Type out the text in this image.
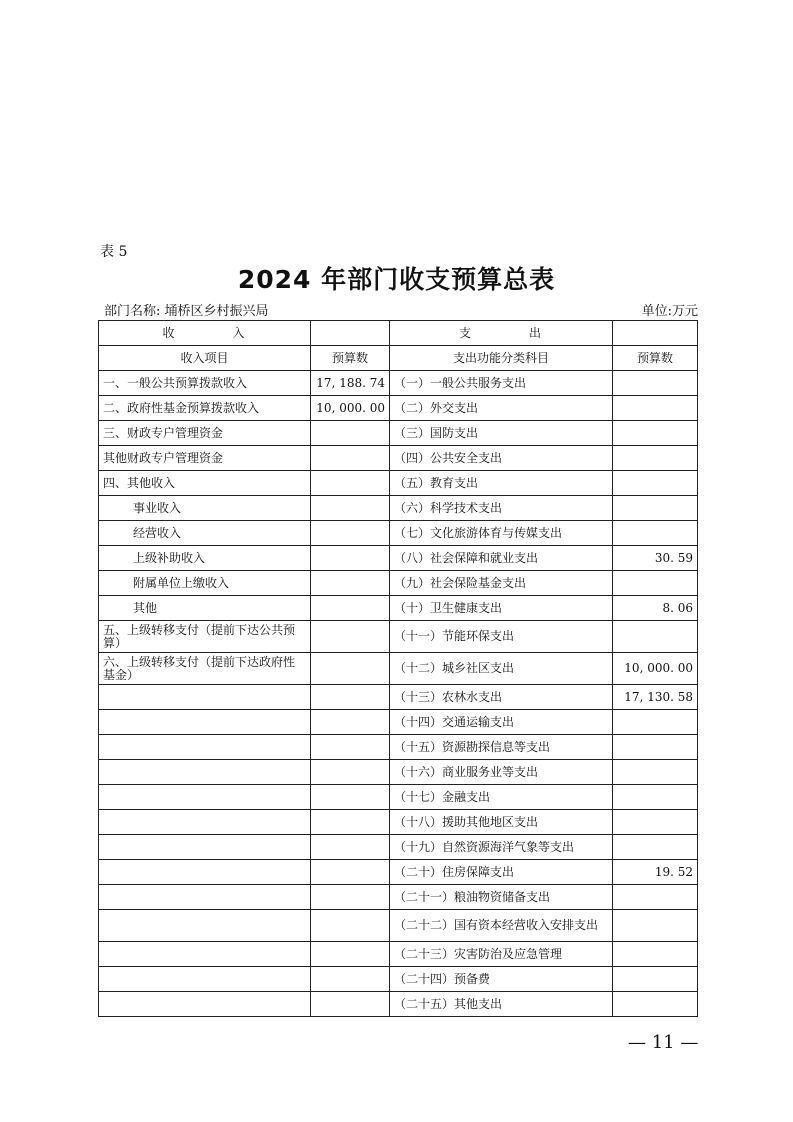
表 5
2024 年部门收支预算总表
部门名称: 埇桥区乡村振兴局	单位:万元
收　　　　入		支　　　　出	
收入项目	预算数	支出功能分类科目	预算数
一、一般公共预算拨款收入	17, 188. 74	（一）一般公共服务支出	
二、政府性基金预算拨款收入	10, 000. 00	（二）外交支出	
三、财政专户管理资金		（三）国防支出	
其他财政专户管理资金		（四）公共安全支出	
四、其他收入		（五）教育支出	
事业收入		（六）科学技术支出	
经营收入		（七）文化旅游体育与传媒支出	
上级补助收入		（八）社会保障和就业支出	30. 59
附属单位上缴收入		（九）社会保险基金支出	
其他		（十）卫生健康支出	8. 06
五、上级转移支付（提前下达公共预算）		（十一）节能环保支出	
六、上级转移支付（提前下达政府性基金）		（十二）城乡社区支出	10, 000. 00
		（十三）农林水支出	17, 130. 58
		（十四）交通运输支出	
		（十五）资源勘探信息等支出	
		（十六）商业服务业等支出	
		（十七）金融支出	
		（十八）援助其他地区支出	
		（十九）自然资源海洋气象等支出	
		（二十）住房保障支出	19. 52
		（二十一）粮油物资储备支出	
		（二十二）国有资本经营收入安排支出	
		（二十三）灾害防治及应急管理	
		（二十四）预备费	
		（二十五）其他支出	
— 11 —
